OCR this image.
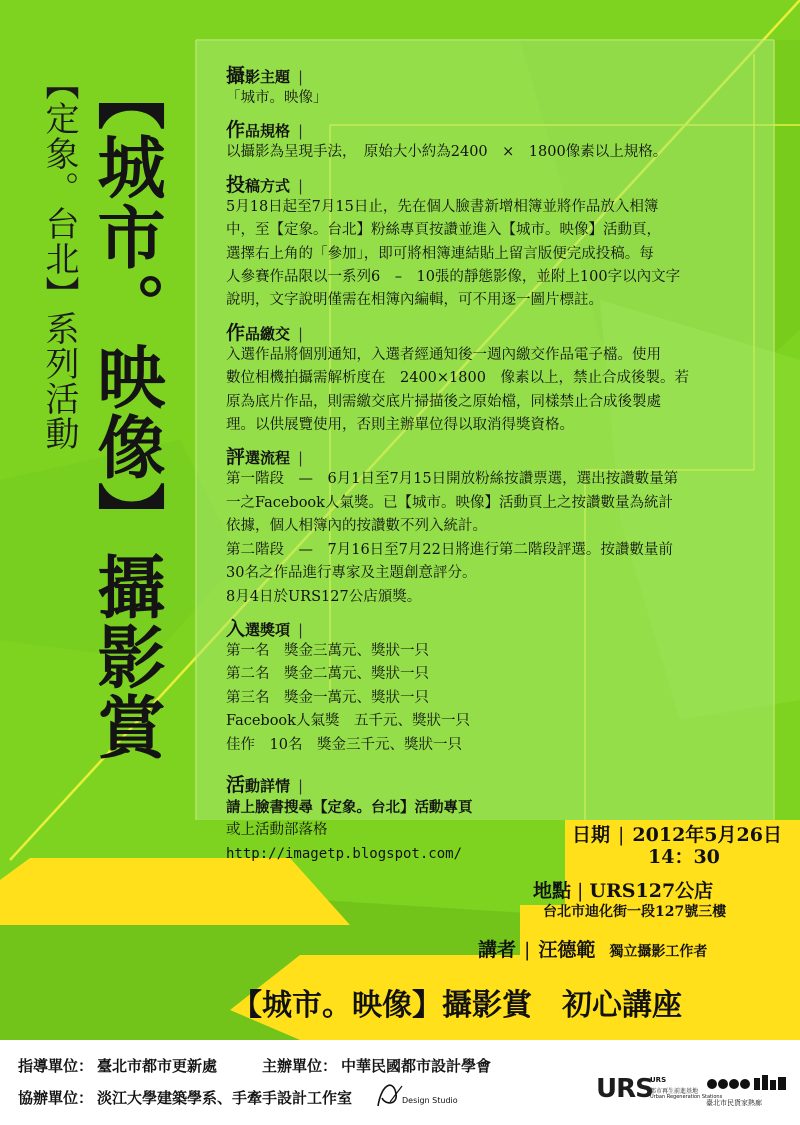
【定象。台北】系列活動 【城市。映像】攝影賞	攝影主題 |
「城市。映像」
作品規格 |
以攝影為呈現手法，　原始大小約為2400　×　1800像素以上規格。
投稿方式 |
5月18日起至7月15日止，先在個人臉書新增相簿並將作品放入相簿
中，至【定象。台北】粉絲專頁按讚並進入【城市。映像】活動頁，
選擇右上角的「參加」，即可將相簿連結貼上留言版便完成投稿。每
人參賽作品限以一系列6　–　10張的靜態影像，並附上100字以內文字
說明，文字說明僅需在相簿內編輯，可不用逐一圖片標註。
作品繳交 |
入選作品將個別通知，入選者經通知後一週內繳交作品電子檔。使用
數位相機拍攝需解析度在　2400×1800　像素以上，禁止合成後製。若
原為底片作品，則需繳交底片掃描後之原始檔，同樣禁止合成後製處
理。以供展覽使用，否則主辦單位得以取消得獎資格。
評選流程 |
第一階段　—　6月1日至7月15日開放粉絲按讚票選，選出按讚數量第
一之Facebook人氣獎。已【城市。映像】活動頁上之按讚數量為統計
依據，個人相簿內的按讚數不列入統計。
第二階段　—　7月16日至7月22日將進行第二階段評選。按讚數量前
30名之作品進行專家及主題創意評分。
8月4日於URS127公店頒獎。
入選獎項 |
第一名　獎金三萬元、獎狀一只
第二名　獎金二萬元、獎狀一只
第三名　獎金一萬元、獎狀一只
Facebook人氣獎　五千元、獎狀一只
佳作　10名　獎金三千元、獎狀一只
活動詳情 |
請上臉書搜尋【定象。台北】活動專頁
或上活動部落格
http://imagetp.blogspot.com/
日期 | 2012年5月26日
14：30
地點 | URS127公店
台北市迪化街一段127號三樓
講者 | 汪德範 獨立攝影工作者
【城市。映像】攝影賞　初心講座
指導單位： 臺北市都市更新處	主辦單位： 中華民國都市設計學會
協辦單位： 淡江大學建築學系、手牽手設計工作室	Design Studio	URS
URS
都市再生前進基地
Urban Regeneration Stations
臺北市民貨家熱廊
